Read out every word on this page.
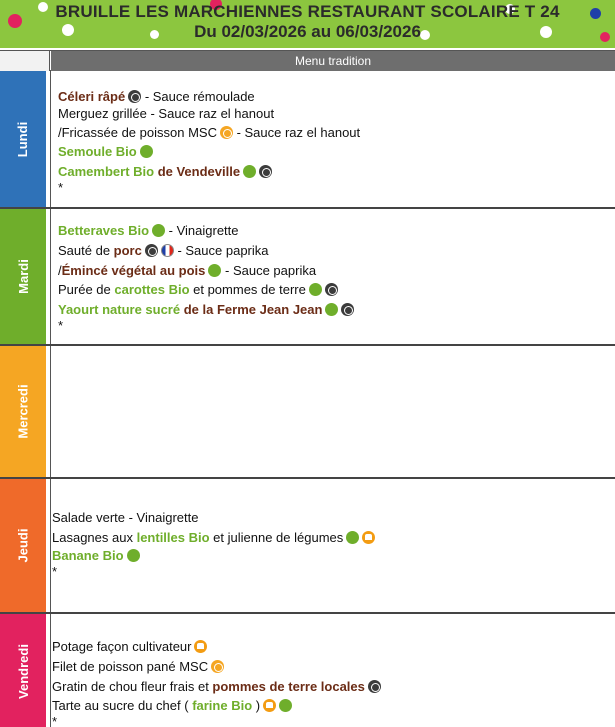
BRUILLE LES MARCHIENNES RESTAURANT SCOLAIRE T 24
Du 02/03/2026 au 06/03/2026
Menu tradition
Lundi
Céleri râpé - Sauce rémoulade
Merguez grillée - Sauce raz el hanout
/Fricassée de poisson MSC - Sauce raz el hanout
Semoule Bio
Camembert Bio de Vendeville
*
Mardi
Betteraves Bio - Vinaigrette
Sauté de porc - Sauce paprika
/Émincé végétal au pois - Sauce paprika
Purée de carottes Bio et pommes de terre
Yaourt nature sucré de la Ferme Jean Jean
*
Mercredi
Jeudi
Salade verte - Vinaigrette
Lasagnes aux lentilles Bio et julienne de légumes
Banane Bio
*
Vendredi Potage façon cultivateur
Filet de poisson pané MSC
Gratin de chou fleur frais et pommes de terre locales
Tarte au sucre du chef ( farine Bio )
*
